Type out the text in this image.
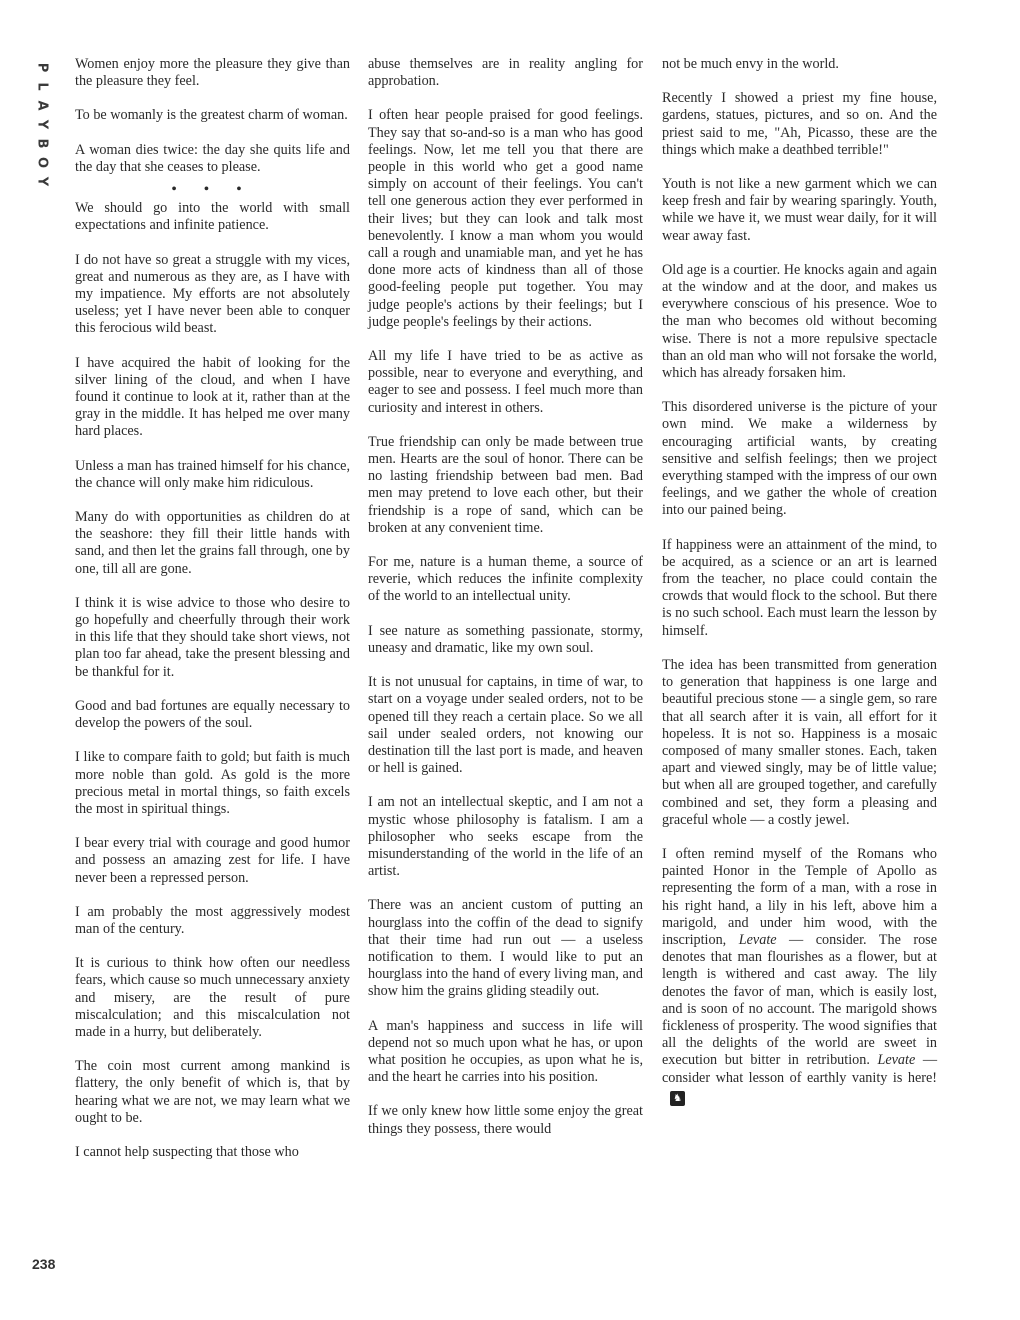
P
L
A
Y
B
O
Y
238

Women enjoy more the pleasure they give than the pleasure they feel.

To be womanly is the greatest charm of woman.

A woman dies twice: the day she quits life and the day that she ceases to please.

• • •

We should go into the world with small expectations and infinite patience.

I do not have so great a struggle with my vices, great and numerous as they are, as I have with my impatience. My efforts are not absolutely useless; yet I have never been able to conquer this ferocious wild beast.

I have acquired the habit of looking for the silver lining of the cloud, and when I have found it continue to look at it, rather than at the gray in the middle. It has helped me over many hard places.

Unless a man has trained himself for his chance, the chance will only make him ridiculous.

Many do with opportunities as children do at the seashore: they fill their little hands with sand, and then let the grains fall through, one by one, till all are gone.

I think it is wise advice to those who desire to go hopefully and cheerfully through their work in this life that they should take short views, not plan too far ahead, take the present blessing and be thankful for it.

Good and bad fortunes are equally necessary to develop the powers of the soul.

I like to compare faith to gold; but faith is much more noble than gold. As gold is the more precious metal in mortal things, so faith excels the most in spiritual things.

I bear every trial with courage and good humor and possess an amazing zest for life. I have never been a repressed person.

I am probably the most aggressively modest man of the century.

It is curious to think how often our needless fears, which cause so much unnecessary anxiety and misery, are the result of pure miscalculation; and this miscalculation not made in a hurry, but deliberately.

The coin most current among mankind is flattery, the only benefit of which is, that by hearing what we are not, we may learn what we ought to be.

I cannot help suspecting that those who

abuse themselves are in reality angling for approbation.

I often hear people praised for good feelings. They say that so-and-so is a man who has good feelings. Now, let me tell you that there are people in this world who get a good name simply on account of their feelings. You can't tell one generous action they ever performed in their lives; but they can look and talk most benevolently. I know a man whom you would call a rough and unamiable man, and yet he has done more acts of kindness than all of those good-feeling people put together. You may judge people's actions by their feelings; but I judge people's feelings by their actions.

All my life I have tried to be as active as possible, near to everyone and everything, and eager to see and possess. I feel much more than curiosity and interest in others.

True friendship can only be made between true men. Hearts are the soul of honor. There can be no lasting friendship between bad men. Bad men may pretend to love each other, but their friendship is a rope of sand, which can be broken at any convenient time.

For me, nature is a human theme, a source of reverie, which reduces the infinite complexity of the world to an intellectual unity.

I see nature as something passionate, stormy, uneasy and dramatic, like my own soul.

It is not unusual for captains, in time of war, to start on a voyage under sealed orders, not to be opened till they reach a certain place. So we all sail under sealed orders, not knowing our destination till the last port is made, and heaven or hell is gained.

I am not an intellectual skeptic, and I am not a mystic whose philosophy is fatalism. I am a philosopher who seeks escape from the misunderstanding of the world in the life of an artist.

There was an ancient custom of putting an hourglass into the coffin of the dead to signify that their time had run out — a useless notification to them. I would like to put an hourglass into the hand of every living man, and show him the grains gliding steadily out.

A man's happiness and success in life will depend not so much upon what he has, or upon what position he occupies, as upon what he is, and the heart he carries into his position.

If we only knew how little some enjoy the great things they possess, there would

not be much envy in the world.

Recently I showed a priest my fine house, gardens, statues, pictures, and so on. And the priest said to me, "Ah, Picasso, these are the things which make a deathbed terrible!"

Youth is not like a new garment which we can keep fresh and fair by wearing sparingly. Youth, while we have it, we must wear daily, for it will wear away fast.

Old age is a courtier. He knocks again and again at the window and at the door, and makes us everywhere conscious of his presence. Woe to the man who becomes old without becoming wise. There is not a more repulsive spectacle than an old man who will not forsake the world, which has already forsaken him.

This disordered universe is the picture of your own mind. We make a wilderness by encouraging artificial wants, by creating sensitive and selfish feelings; then we project everything stamped with the impress of our own feelings, and we gather the whole of creation into our pained being.

If happiness were an attainment of the mind, to be acquired, as a science or an art is learned from the teacher, no place could contain the crowds that would flock to the school. But there is no such school. Each must learn the lesson by himself.

The idea has been transmitted from generation to generation that happiness is one large and beautiful precious stone — a single gem, so rare that all search after it is vain, all effort for it hopeless. It is not so. Happiness is a mosaic composed of many smaller stones. Each, taken apart and viewed singly, may be of little value; but when all are grouped together, and carefully combined and set, they form a pleasing and graceful whole — a costly jewel.

I often remind myself of the Romans who painted Honor in the Temple of Apollo as representing the form of a man, with a rose in his right hand, a lily in his left, above him a marigold, and under him wood, with the inscription, Levate — consider. The rose denotes that man flourishes as a flower, but at length is withered and cast away. The lily denotes the favor of man, which is easily lost, and is soon of no account. The marigold shows fickleness of prosperity. The wood signifies that all the delights of the world are sweet in execution but bitter in retribution. Levate — consider what lesson of earthly vanity is here!♞
